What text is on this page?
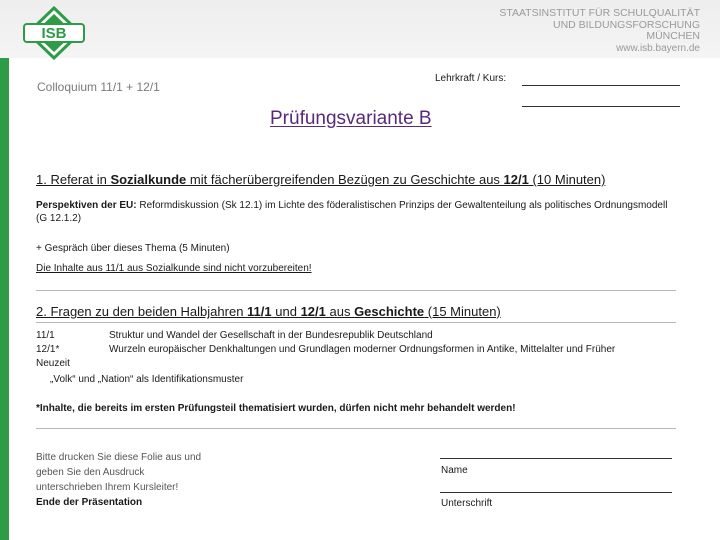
ISB
STAATSINSTITUT FÜR SCHULQUALITÄT
UND BILDUNGSFORSCHUNG
MÜNCHEN
www.isb.bayern.de
Colloquium 11/1 + 12/1
Lehrkraft / Kurs:
Prüfungsvariante B
1. Referat in Sozialkunde mit fächerübergreifenden Bezügen zu Geschichte aus 12/1 (10 Minuten)
Perspektiven der EU: Reformdiskussion (Sk 12.1) im Lichte des föderalistischen Prinzips der Gewaltenteilung als politisches Ordnungsmodell (G 12.1.2)
+ Gespräch über dieses Thema (5 Minuten)
Die Inhalte aus 11/1 aus Sozialkunde sind nicht vorzubereiten!
2. Fragen zu den beiden Halbjahren 11/1 und 12/1 aus Geschichte (15 Minuten)
11/1	Struktur und Wandel der Gesellschaft in der Bundesrepublik Deutschland
12/1*	Wurzeln europäischer Denkhaltungen und Grundlagen moderner Ordnungsformen in Antike, Mittelalter und Früher
Neuzeit
„Volk“ und „Nation“ als Identifikationsmuster
*Inhalte, die bereits im ersten Prüfungsteil thematisiert wurden, dürfen nicht mehr behandelt werden!
Bitte drucken Sie diese Folie aus und
geben Sie den Ausdruck
unterschrieben Ihrem Kursleiter!
Ende der Präsentation
Name
Unterschrift
